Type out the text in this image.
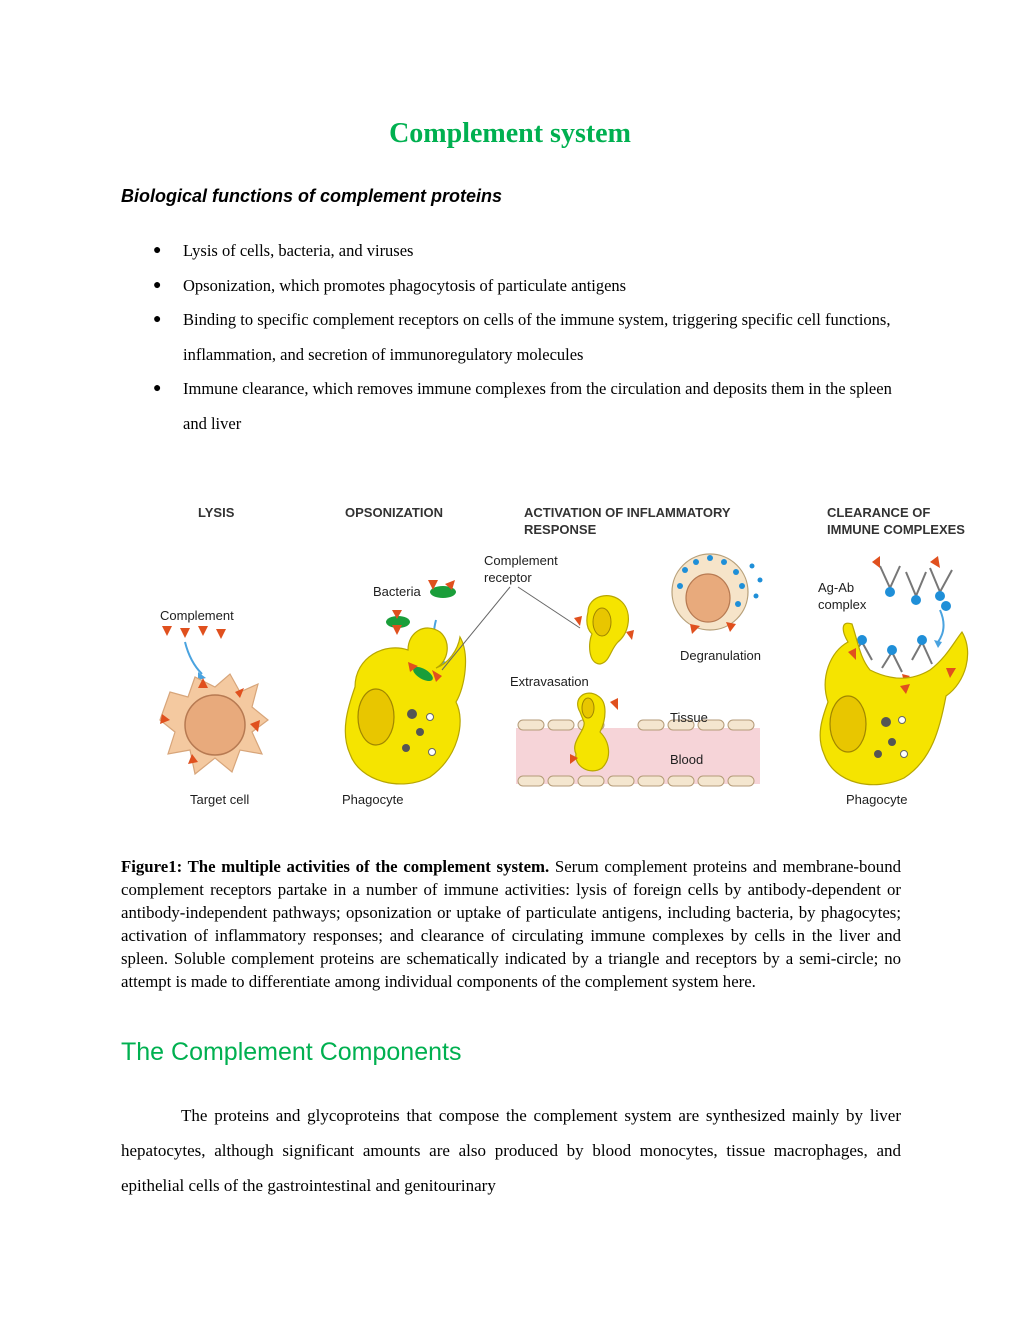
Complement system
Biological functions of complement proteins
● Lysis of cells, bacteria, and viruses
● Opsonization, which promotes phagocytosis of particulate antigens
● Binding to specific complement receptors on cells of the immune system, triggering specific cell functions, inflammation, and secretion of immunoregulatory molecules
● Immune clearance, which removes immune complexes from the circulation and deposits them in the spleen and liver
LYSIS	OPSONIZATION	ACTIVATION OF INFLAMMATORY
RESPONSE
CLEARANCE OF
IMMUNE COMPLEXES
Complement
Target cell
Bacteria
Phagocyte
Complement
receptor
Degranulation
Extravasation
Tissue
Blood
Ag-Ab
complex
Phagocyte
Figure1: The multiple activities of the complement system. Serum complement proteins and membrane-bound complement receptors partake in a number of immune activities: lysis of foreign cells by antibody-dependent or antibody-independent pathways; opsonization or uptake of particulate antigens, including bacteria, by phagocytes; activation of inflammatory responses; and clearance of circulating immune complexes by cells in the liver and spleen. Soluble complement proteins are schematically indicated by a triangle and receptors by a semi-circle; no attempt is made to differentiate among individual components of the complement system here.
The Complement Components
The proteins and glycoproteins that compose the complement system are synthesized mainly by liver hepatocytes, although significant amounts are also produced by blood monocytes, tissue macrophages, and epithelial cells of the gastrointestinal and genitourinary
